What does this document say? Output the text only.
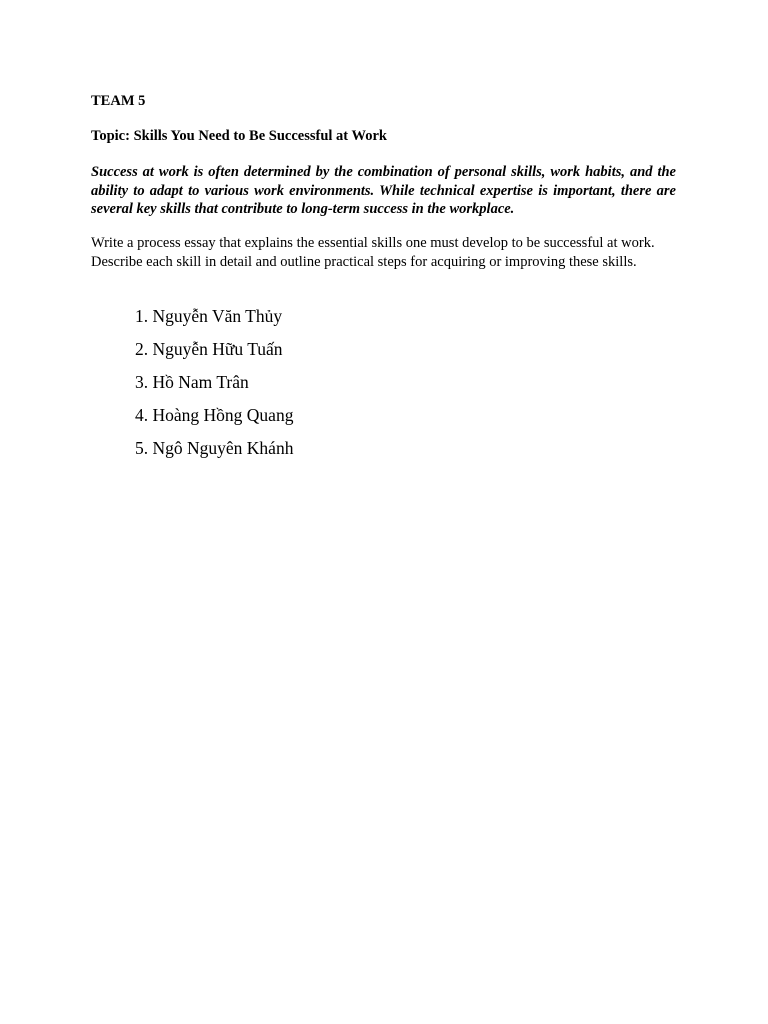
TEAM 5

Topic: Skills You Need to Be Successful at Work

Success at work is often determined by the combination of personal skills, work habits, and the ability to adapt to various work environments. While technical expertise is important, there are several key skills that contribute to long-term success in the workplace.

Write a process essay that explains the essential skills one must develop to be successful at work.
Describe each skill in detail and outline practical steps for acquiring or improving these skills.

1. Nguyễn Văn Thủy
2. Nguyễn Hữu Tuấn
3. Hồ Nam Trân
4. Hoàng Hồng Quang
5. Ngô Nguyên Khánh
